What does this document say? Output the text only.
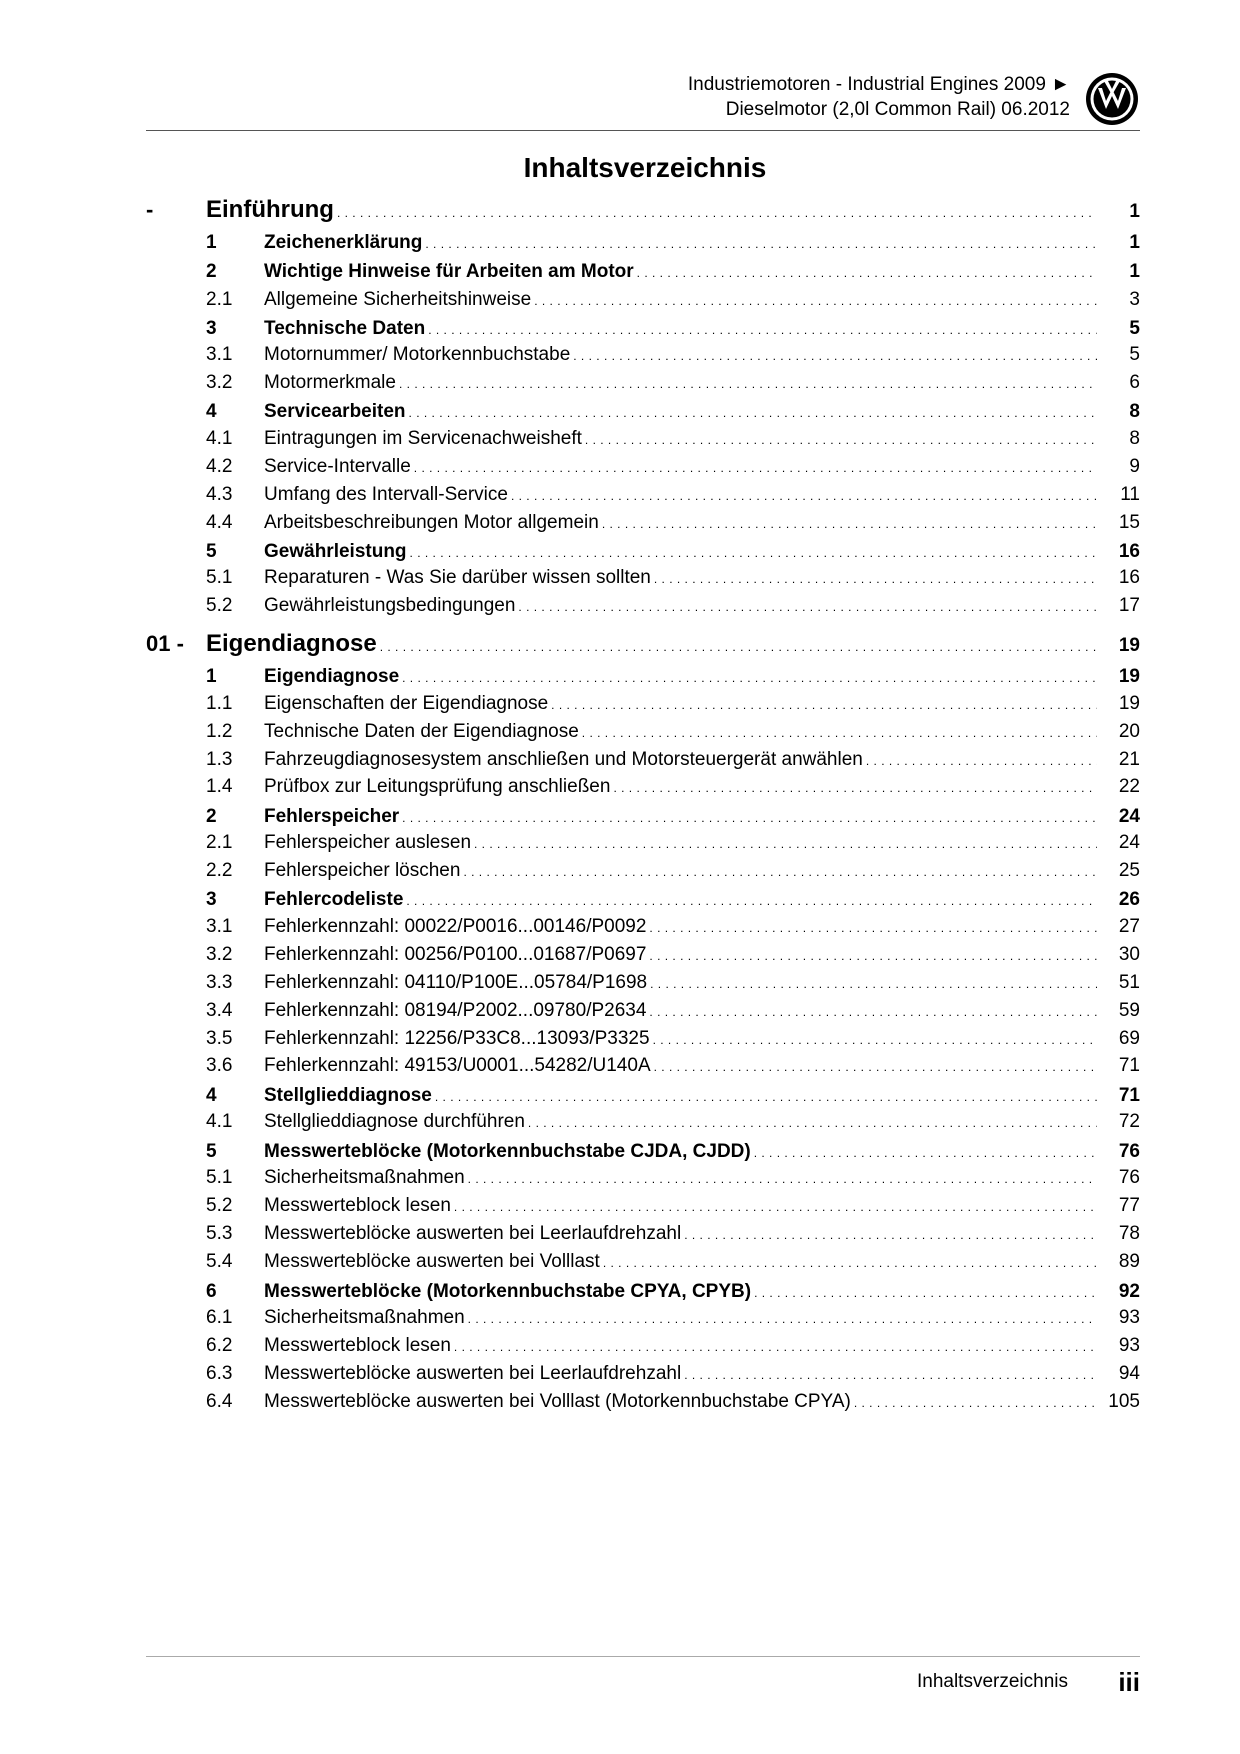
Industriemotoren - Industrial Engines 2009 ►
Dieselmotor (2,0l Common Rail) 06.2012
Inhaltsverzeichnis
- Einführung . . .	1
1 Zeichenerklärung . . .	1
2 Wichtige Hinweise für Arbeiten am Motor . . .	1
2.1 Allgemeine Sicherheitshinweise . . .	3
3 Technische Daten . . .	5
3.1 Motornummer/ Motorkennbuchstabe . . .	5
3.2 Motormerkmale . . .	6
4 Servicearbeiten . . .	8
4.1 Eintragungen im Servicenachweisheft . . .	8
4.2 Service-Intervalle . . .	9
4.3 Umfang des Intervall-Service . . .	11
4.4 Arbeitsbeschreibungen Motor allgemein . . .	15
5 Gewährleistung . . .	16
5.1 Reparaturen - Was Sie darüber wissen sollten . . .	16
5.2 Gewährleistungsbedingungen . . .	17
01 - Eigendiagnose . . .	19
1 Eigendiagnose . . .	19
1.1 Eigenschaften der Eigendiagnose . . .	19
1.2 Technische Daten der Eigendiagnose . . .	20
1.3 Fahrzeugdiagnosesystem anschließen und Motorsteuergerät anwählen . . .	21
1.4 Prüfbox zur Leitungsprüfung anschließen . . .	22
2 Fehlerspeicher . . .	24
2.1 Fehlerspeicher auslesen . . .	24
2.2 Fehlerspeicher löschen . . .	25
3 Fehlercodeliste . . .	26
3.1 Fehlerkennzahl: 00022/P0016...00146/P0092 . . .	27
3.2 Fehlerkennzahl: 00256/P0100...01687/P0697 . . .	30
3.3 Fehlerkennzahl: 04110/P100E...05784/P1698 . . .	51
3.4 Fehlerkennzahl: 08194/P2002...09780/P2634 . . .	59
3.5 Fehlerkennzahl: 12256/P33C8...13093/P3325 . . .	69
3.6 Fehlerkennzahl: 49153/U0001...54282/U140A . . .	71
4 Stellglieddiagnose . . .	71
4.1 Stellglieddiagnose durchführen . . .	72
5 Messwerteblöcke (Motorkennbuchstabe CJDA, CJDD) . . .	76
5.1 Sicherheitsmaßnahmen . . .	76
5.2 Messwerteblock lesen . . .	77
5.3 Messwerteblöcke auswerten bei Leerlaufdrehzahl . . .	78
5.4 Messwerteblöcke auswerten bei Volllast . . .	89
6 Messwerteblöcke (Motorkennbuchstabe CPYA, CPYB) . . .	92
6.1 Sicherheitsmaßnahmen . . .	93
6.2 Messwerteblock lesen . . .	93
6.3 Messwerteblöcke auswerten bei Leerlaufdrehzahl . . .	94
6.4 Messwerteblöcke auswerten bei Volllast (Motorkennbuchstabe CPYA) . . .	105
Inhaltsverzeichnis iii
